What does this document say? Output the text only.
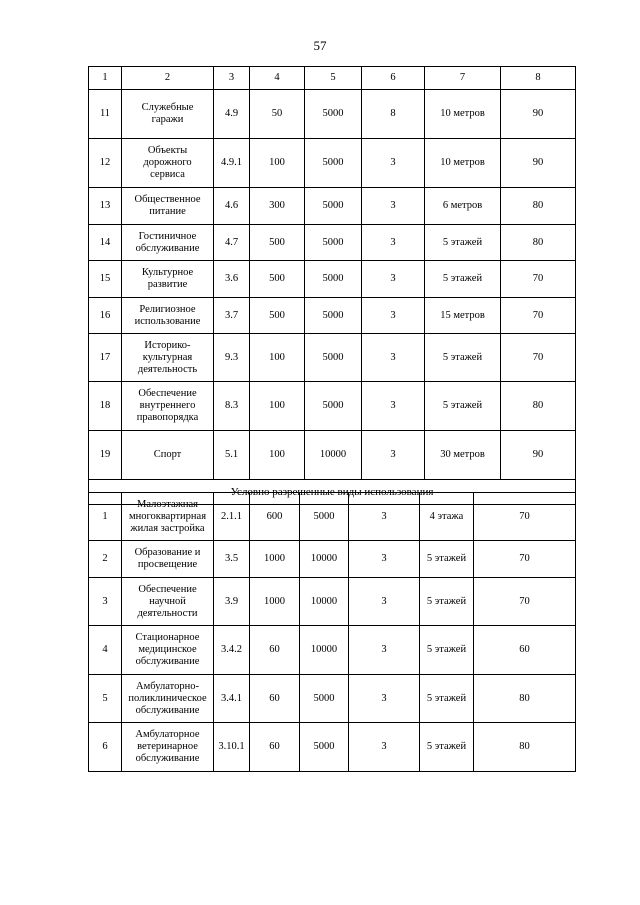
57
1	2	3	4	5	6	7	8
11	Служебные
гаражи	4.9	50	5000	8	10 метров	90
12	Объекты
дорожного
сервиса	4.9.1	100	5000	3	10 метров	90
13	Общественное
питание	4.6	300	5000	3	6 метров	80
14	Гостиничное
обслуживание	4.7	500	5000	3	5 этажей	80
15	Культурное
развитие	3.6	500	5000	3	5 этажей	70
16	Религиозное
использование	3.7	500	5000	3	15 метров	70
17	Историко-
культурная
деятельность	9.3	100	5000	3	5 этажей	70
18	Обеспечение
внутреннего
правопорядка	8.3	100	5000	3	5 этажей	80
19	Спорт	5.1	100	10000	3	30 метров	90
Условно разрешенные виды использования							
1	Малоэтажная
многоквартирная
жилая застройка	2.1.1	600	5000	3	4 этажа	70
2	Образование и
просвещение	3.5	1000	10000	3	5 этажей	70
3	Обеспечение
научной
деятельности	3.9	1000	10000	3	5 этажей	70
4	Стационарное
медицинское
обслуживание	3.4.2	60	10000	3	5 этажей	60
5	Амбулаторно-
поликлиническое
обслуживание	3.4.1	60	5000	3	5 этажей	80
6	Амбулаторное
ветеринарное
обслуживание	3.10.1	60	5000	3	5 этажей	80
